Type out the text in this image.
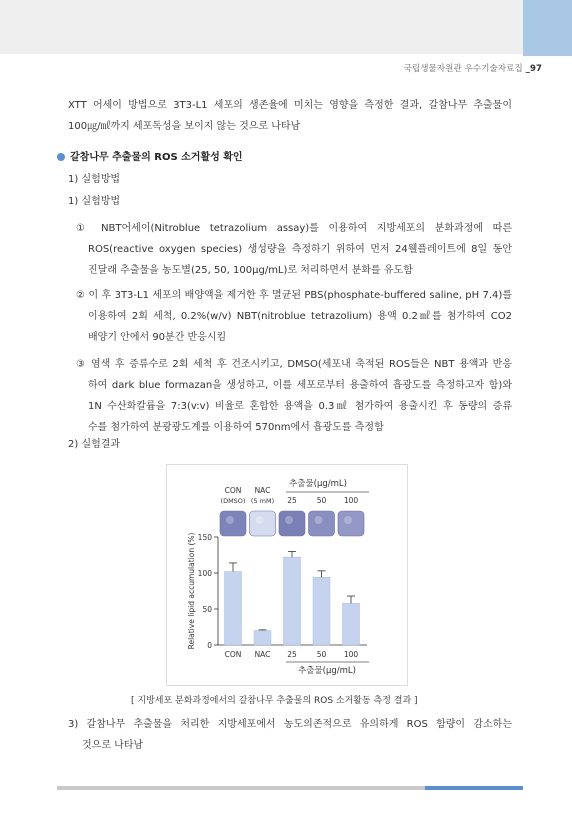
국립생물자원관 우수기술자료집 _97
XTT 어세이 방법으로 3T3-L1 세포의 생존율에 미치는 영향을 측정한 결과, 갈참나무 추출물이
100㎍/㎖까지 세포독성을 보이지 않는 것으로 나타남
갈참나무 추출물의 ROS 소거활성 확인
1) 실험방법
1) 실험방법
① NBT어세이(Nitroblue tetrazolium assay)를 이용하여 지방세포의 분화과정에 따른
ROS(reactive oxygen species) 생성량을 측정하기 위하여 먼저 24웰플레이트에 8일 동안
진달래 추출물을 농도별(25, 50, 100μg/mL)로 처리하면서 분화를 유도함
② 이 후 3T3-L1 세포의 배양액을 제거한 후 멸균된 PBS(phosphate-buffered saline, pH 7.4)를
이용하여 2회 세척, 0.2%(w/v) NBT(nitroblue tetrazolium) 용액 0.2㎖를 첨가하여 CO2
배양기 안에서 90분간 반응시킴
③ 염색 후 증류수로 2회 세척 후 건조시키고, DMSO(세포내 축적된 ROS들은 NBT 용액과 반응
하여 dark blue formazan을 생성하고, 이를 세포로부터 용출하여 흡광도를 측정하고자 함)와
1N 수산화칼륨을 7:3(v:v) 비율로 혼합한 용액을 0.3㎖ 첨가하여 용출시킨 후 동량의 증류
수를 첨가하여 분광광도계를 이용하여 570nm에서 흡광도를 측정함
2) 실험결과
추출물(μg/mL)
CON
(DMSO)
NAC
(5 mM) 25	50 100
0
50
100
150
Relative lipid accumulation (%)
CON NAC 25	50 100
추출물(μg/mL)
[ 지방세포 분화과정에서의 갈참나무 추출물의 ROS 소거활동 측정 결과 ]
3) 갈참나무 추출물을 처리한 지방세포에서 농도의존적으로 유의하게 ROS 함량이 감소하는
것으로 나타남
